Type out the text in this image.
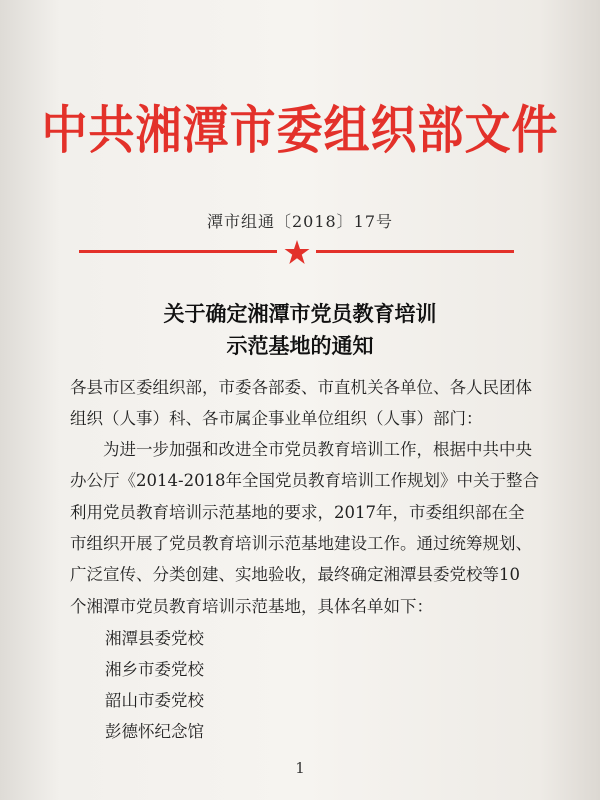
中共湘潭市委组织部文件
潭市组通〔2018〕17号
关于确定湘潭市党员教育培训
示范基地的通知
各县市区委组织部，市委各部委、市直机关各单位、各人民团体
组织（人事）科、各市属企事业单位组织（人事）部门：
　　为进一步加强和改进全市党员教育培训工作，根据中共中央
办公厅《2014-2018年全国党员教育培训工作规划》中关于整合
利用党员教育培训示范基地的要求，2017年，市委组织部在全
市组织开展了党员教育培训示范基地建设工作。通过统筹规划、
广泛宣传、分类创建、实地验收，最终确定湘潭县委党校等10
个湘潭市党员教育培训示范基地，具体名单如下：
湘潭县委党校
湘乡市委党校
韶山市委党校
彭德怀纪念馆
1
